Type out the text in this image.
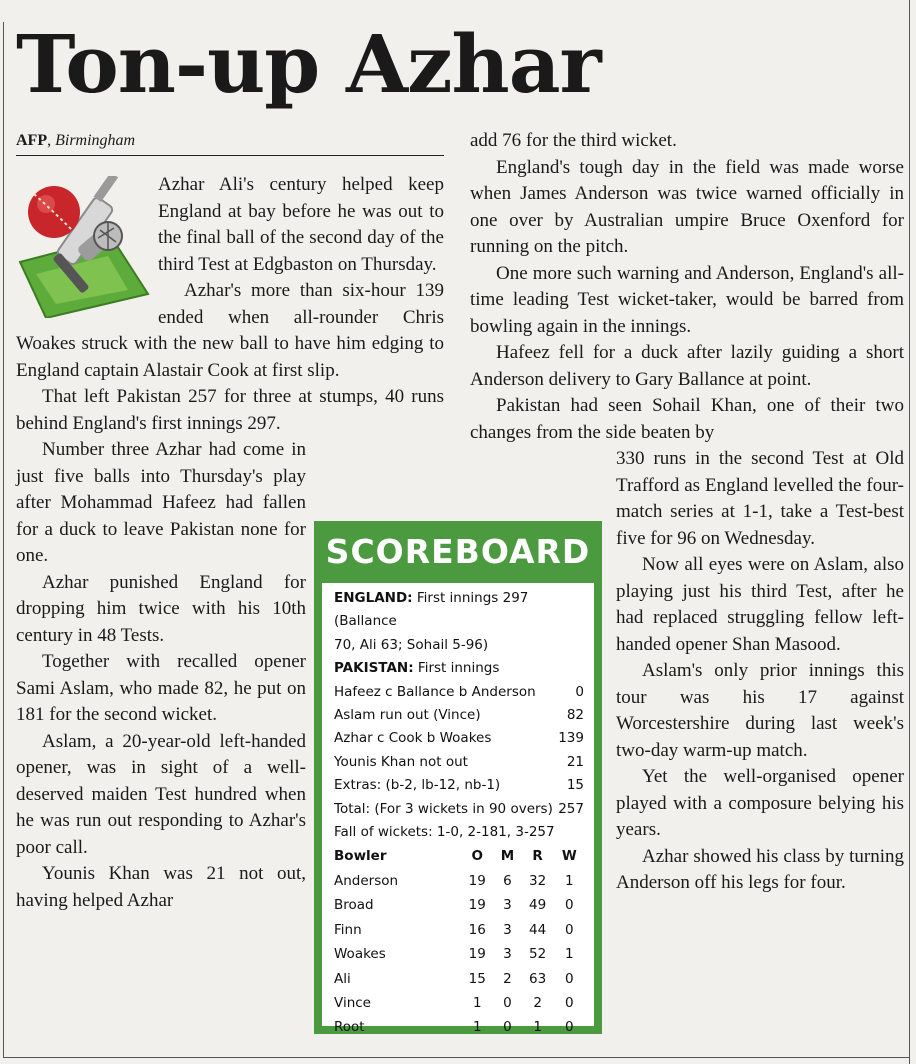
Ton-up Azhar
AFP, Birmingham

Azhar Ali's century helped keep England at bay before he was out to the final ball of the second day of the third Test at Edgbaston on Thursday.

Azhar's more than six-hour 139 ended when all-rounder Chris Woakes struck with the new ball to have him edging to England captain Alastair Cook at first slip.

That left Pakistan 257 for three at stumps, 40 runs behind England's first innings 297.

Number three Azhar had come in just five balls into Thursday's play after Mohammad Hafeez had fallen for a duck to leave Pakistan none for one.

Azhar punished England for dropping him twice with his 10th century in 48 Tests.

Together with recalled opener Sami Aslam, who made 82, he put on 181 for the second wicket.

Aslam, a 20-year-old left-handed opener, was in sight of a well-deserved maiden Test hundred when he was run out responding to Azhar's poor call.

Younis Khan was 21 not out, having helped Azhar

add 76 for the third wicket.

England's tough day in the field was made worse when James Anderson was twice warned officially in one over by Australian umpire Bruce Oxenford for running on the pitch.

One more such warning and Anderson, England's all-time leading Test wicket-taker, would be barred from bowling again in the innings.

Hafeez fell for a duck after lazily guiding a short Anderson delivery to Gary Ballance at point.

Pakistan had seen Sohail Khan, one of their two changes from the side beaten by

330 runs in the second Test at Old Trafford as England levelled the four-match series at 1-1, take a Test-best five for 96 on Wednesday.

Now all eyes were on Aslam, also playing just his third Test, after he had replaced struggling fellow left-handed opener Shan Masood.

Aslam's only prior innings this tour was his 17 against Worcestershire during last week's two-day warm-up match.

Yet the well-organised opener played with a composure belying his years.

Azhar showed his class by turning Anderson off his legs for four.

SCOREBOARD
ENGLAND: First innings 297 (Ballance
70, Ali 63; Sohail 5-96)
PAKISTAN: First innings
Hafeez c Ballance b Anderson	0
Aslam run out (Vince)	82
Azhar c Cook b Woakes	139
Younis Khan not out	21
Extras: (b-2, lb-12, nb-1)	15
Total: (For 3 wickets in 90 overs) 257
Fall of wickets: 1-0, 2-181, 3-257
Bowler	O	M	R	W
Anderson	19	6	32	1
Broad	19	3	49	0
Finn	16	3	44	0
Woakes	19	3	52	1
Ali	15	2	63	0
Vince	1	0	2	0
Root	1	0	1	0
